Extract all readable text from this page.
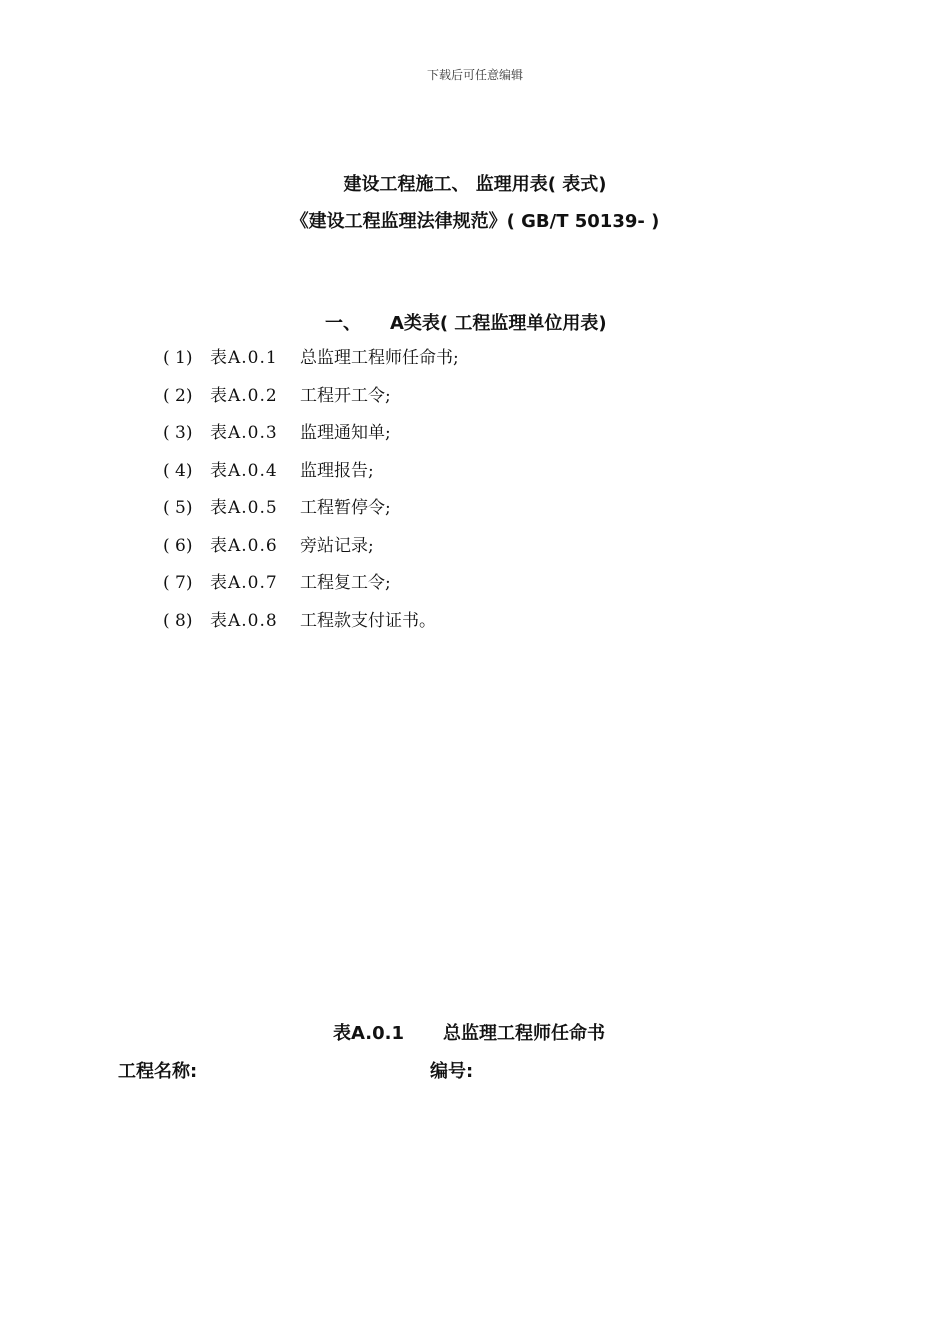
下载后可任意编辑
建设工程施工、 监理用表( 表式)
《建设工程监理法律规范》( GB/T 50139- )
一、 A类表( 工程监理单位用表)
( 1) 表A.0.1 总监理工程师任命书;
( 2) 表A.0.2 工程开工令;
( 3) 表A.0.3 监理通知单;
( 4) 表A.0.4 监理报告;
( 5) 表A.0.5 工程暂停令;
( 6) 表A.0.6 旁站记录;
( 7) 表A.0.7 工程复工令;
( 8) 表A.0.8 工程款支付证书。
表A.0.1 总监理工程师任命书
工程名称:	编号:
